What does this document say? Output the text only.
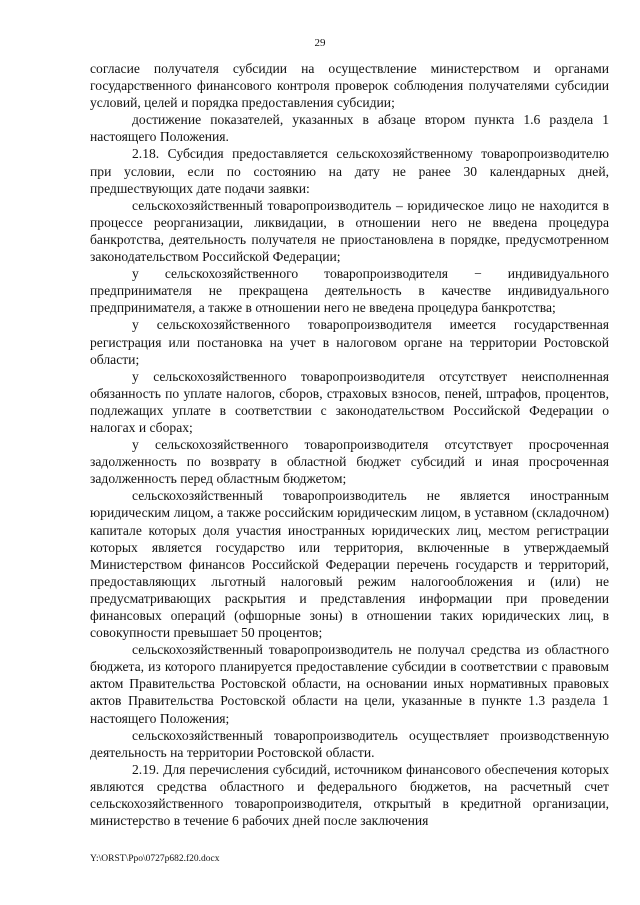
29

согласие получателя субсидии на осуществление министерством и органами государственного финансового контроля проверок соблюдения получателями субсидии условий, целей и порядка предоставления субсидии;

достижение показателей, указанных в абзаце втором пункта 1.6 раздела 1 настоящего Положения.

2.18. Субсидия предоставляется сельскохозяйственному товаропроизводителю при условии, если по состоянию на дату не ранее 30 календарных дней, предшествующих дате подачи заявки:

сельскохозяйственный товаропроизводитель – юридическое лицо не находится в процессе реорганизации, ликвидации, в отношении него не введена процедура банкротства, деятельность получателя не приостановлена в порядке, предусмотренном законодательством Российской Федерации;

у сельскохозяйственного товаропроизводителя − индивидуального предпринимателя не прекращена деятельность в качестве индивидуального предпринимателя, а также в отношении него не введена процедура банкротства;

у сельскохозяйственного товаропроизводителя имеется государственная регистрация или постановка на учет в налоговом органе на территории Ростовской области;

у сельскохозяйственного товаропроизводителя отсутствует неисполненная обязанность по уплате налогов, сборов, страховых взносов, пеней, штрафов, процентов, подлежащих уплате в соответствии с законодательством Российской Федерации о налогах и сборах;

у сельскохозяйственного товаропроизводителя отсутствует просроченная задолженность по возврату в областной бюджет субсидий и иная просроченная задолженность перед областным бюджетом;

сельскохозяйственный товаропроизводитель не является иностранным юридическим лицом, а также российским юридическим лицом, в уставном (складочном) капитале которых доля участия иностранных юридических лиц, местом регистрации которых является государство или территория, включенные в утверждаемый Министерством финансов Российской Федерации перечень государств и территорий, предоставляющих льготный налоговый режим налогообложения и (или) не предусматривающих раскрытия и представления информации при проведении финансовых операций (офшорные зоны) в отношении таких юридических лиц, в совокупности превышает 50 процентов;

сельскохозяйственный товаропроизводитель не получал средства из областного бюджета, из которого планируется предоставление субсидии в соответствии с правовым актом Правительства Ростовской области, на основании иных нормативных правовых актов Правительства Ростовской области на цели, указанные в пункте 1.3 раздела 1 настоящего Положения;

сельскохозяйственный товаропроизводитель осуществляет производственную деятельность на территории Ростовской области.

2.19. Для перечисления субсидий, источником финансового обеспечения которых являются средства областного и федерального бюджетов, на расчетный счет сельскохозяйственного товаропроизводителя, открытый в кредитной организации, министерство в течение 6 рабочих дней после заключения

Y:\ORST\Ppo\0727p682.f20.docx
